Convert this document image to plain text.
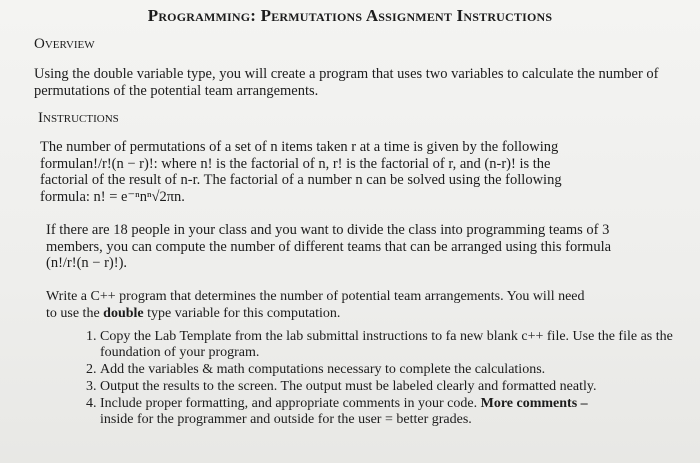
Programming: Permutations Assignment Instructions
Overview
Using the double variable type, you will create a program that uses two variables to calculate the number of permutations of the potential team arrangements.
Instructions
The number of permutations of a set of n items taken r at a time is given by the following
formulan!/r!(n − r)!: where n! is the factorial of n, r! is the factorial of r, and (n-r)! is the
factorial of the result of n-r. The factorial of a number n can be solved using the following
formula: n! = e⁻ⁿnⁿ√2πn.
If there are 18 people in your class and you want to divide the class into programming teams of 3
members, you can compute the number of different teams that can be arranged using this formula
(n!/r!(n − r)!).
Write a C++ program that determines the number of potential team arrangements. You will need
to use the double type variable for this computation.
1. Copy the Lab Template from the lab submittal instructions to fa new blank c++ file. Use the file as the foundation of your program.
2. Add the variables & math computations necessary to complete the calculations.
3. Output the results to the screen. The output must be labeled clearly and formatted neatly.
4. Include proper formatting, and appropriate comments in your code. More comments –
inside for the programmer and outside for the user = better grades.
